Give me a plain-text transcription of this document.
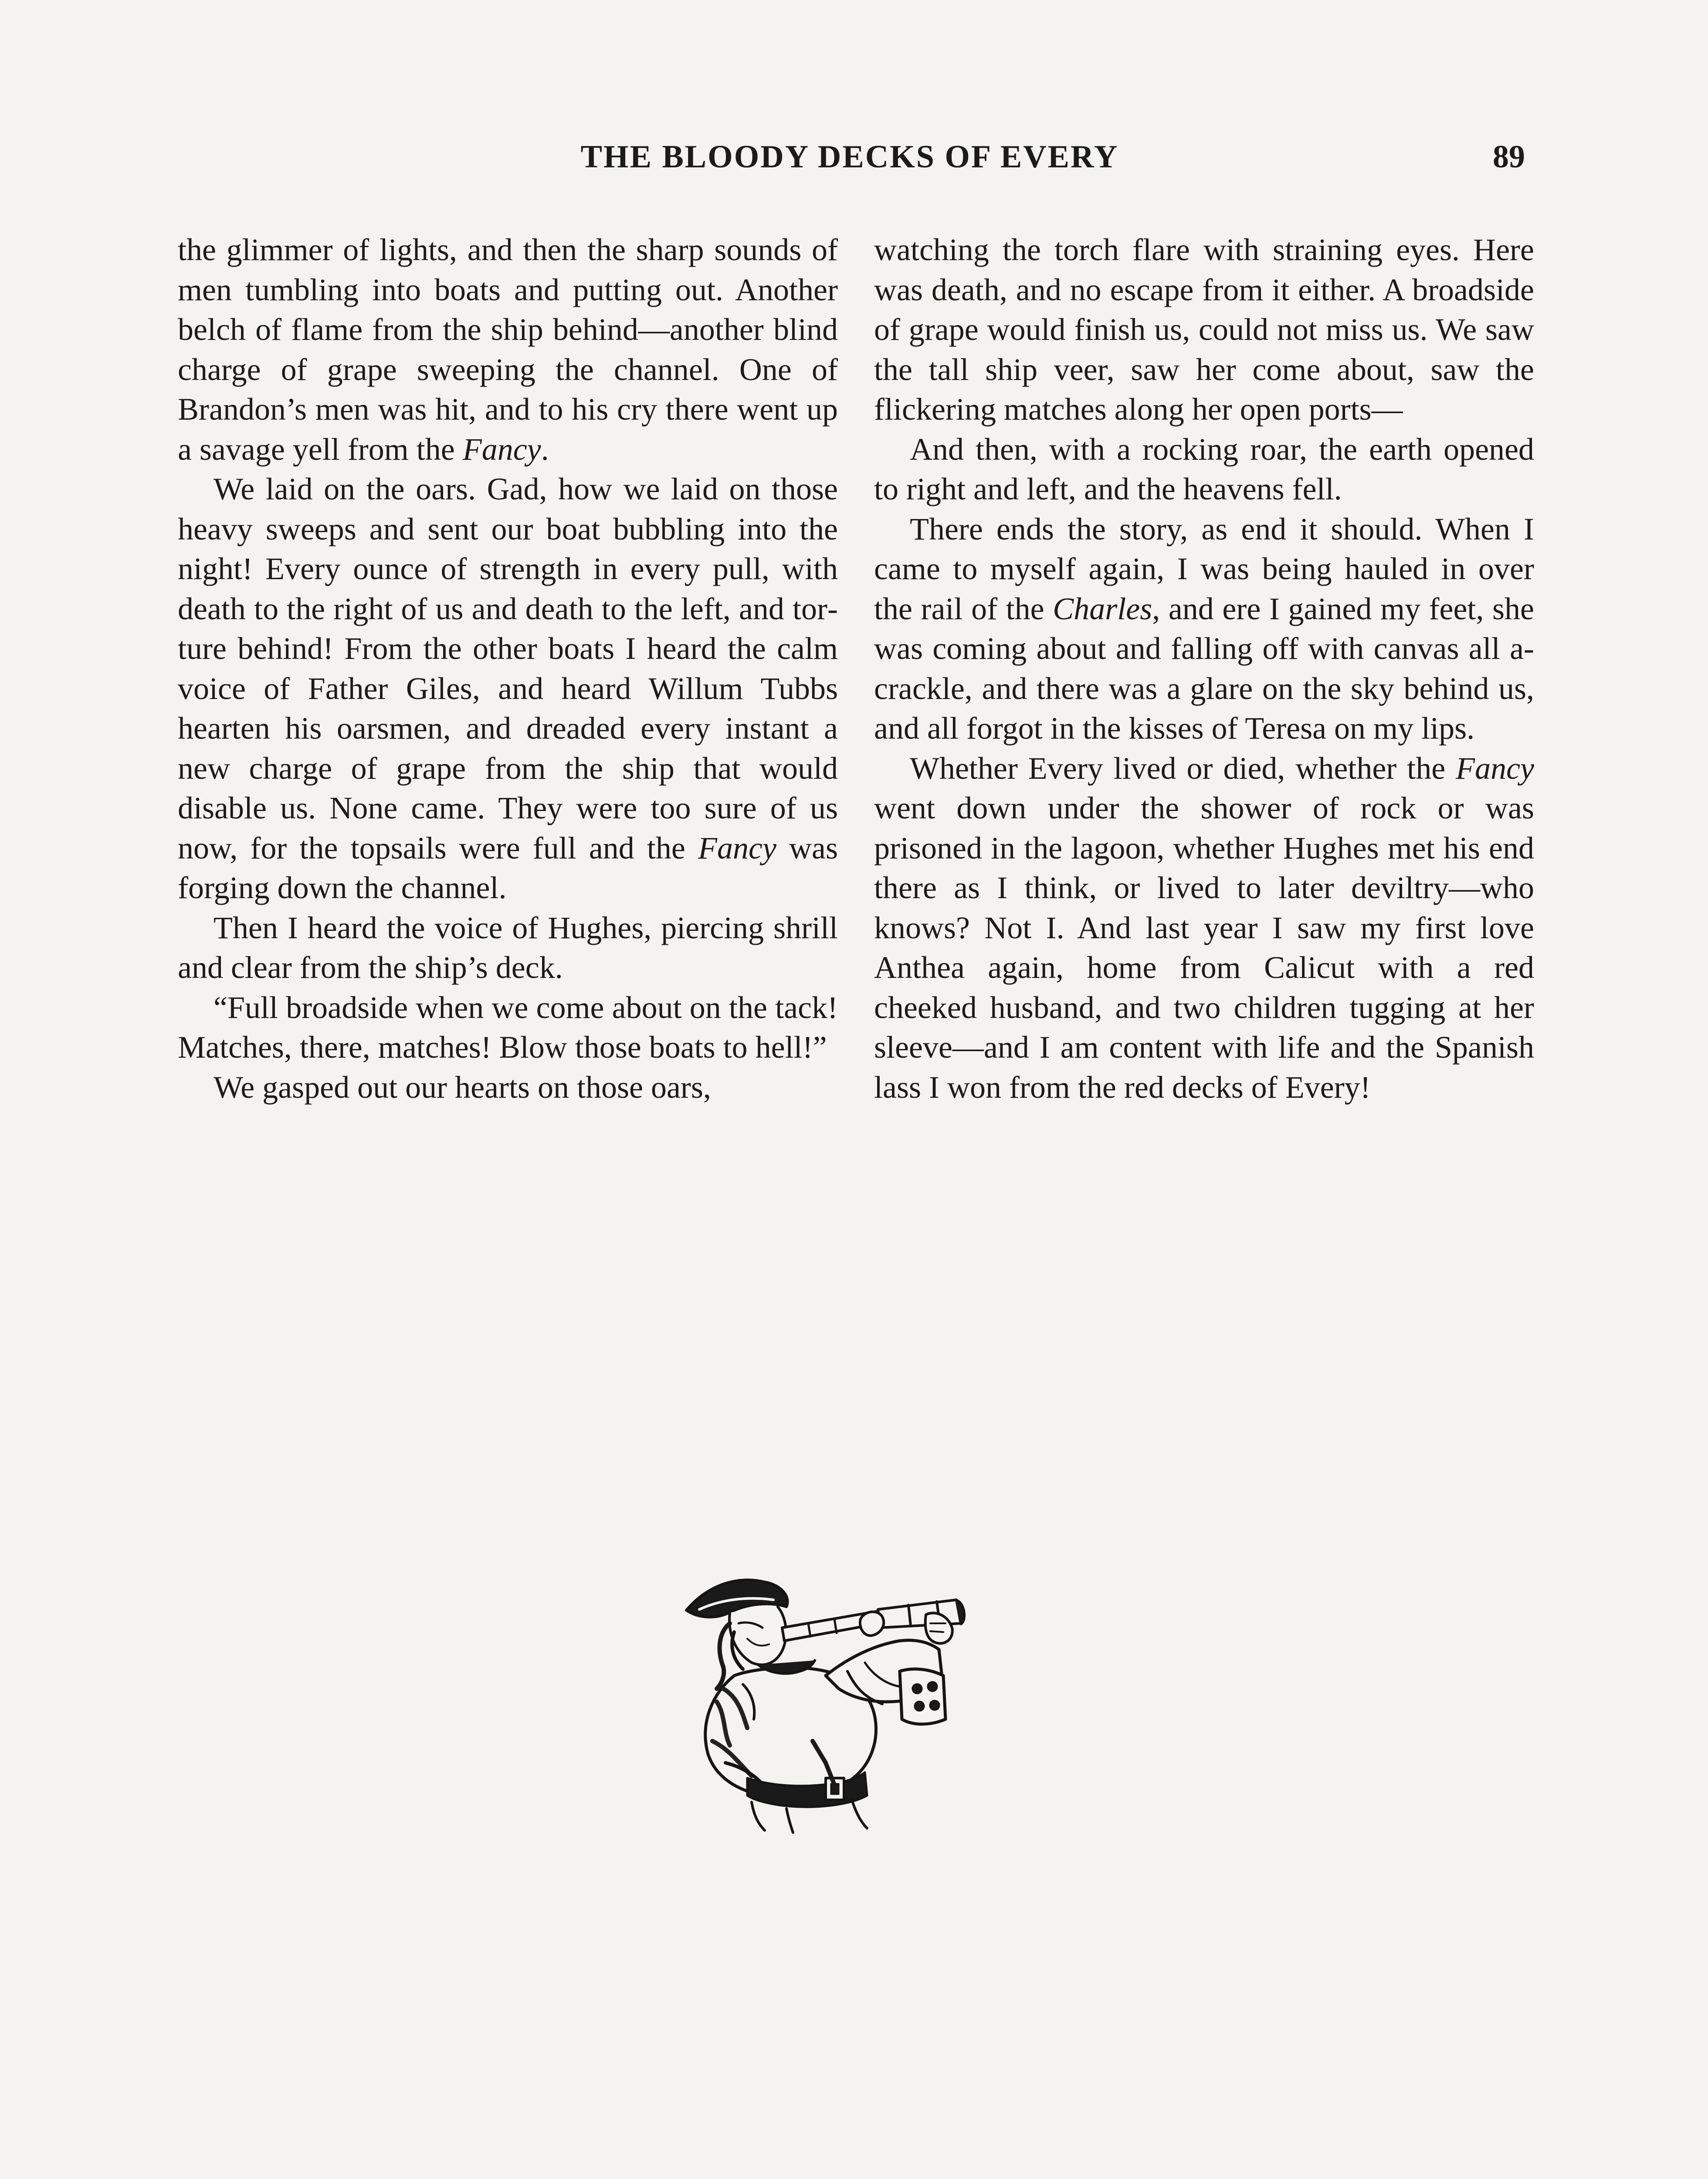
THE BLOODY DECKS OF EVERY	89

the glimmer of lights, and then the sharp sounds of men tumbling into boats and putting out. Another belch of flame from the ship behind—another blind charge of grape sweeping the channel. One of Brandon’s men was hit, and to his cry there went up a savage yell from the Fancy.

We laid on the oars. Gad, how we laid on those heavy sweeps and sent our boat bubbling into the night! Every ounce of strength in every pull, with death to the right of us and death to the left, and torture behind! From the other boats I heard the calm voice of Father Giles, and heard Willum Tubbs hearten his oarsmen, and dreaded every instant a new charge of grape from the ship that would disable us. None came. They were too sure of us now, for the topsails were full and the Fancy was forging down the channel.

Then I heard the voice of Hughes, piercing shrill and clear from the ship’s deck.

“Full broadside when we come about on the tack! Matches, there, matches! Blow those boats to hell!”

We gasped out our hearts on those oars,

watching the torch flare with straining eyes. Here was death, and no escape from it either. A broadside of grape would finish us, could not miss us. We saw the tall ship veer, saw her come about, saw the flickering matches along her open ports—

And then, with a rocking roar, the earth opened to right and left, and the heavens fell.

There ends the story, as end it should. When I came to myself again, I was being hauled in over the rail of the Charles, and ere I gained my feet, she was coming about and falling off with canvas all a-crackle, and there was a glare on the sky behind us, and all forgot in the kisses of Teresa on my lips.

Whether Every lived or died, whether the Fancy went down under the shower of rock or was prisoned in the lagoon, whether Hughes met his end there as I think, or lived to later deviltry—who knows? Not I. And last year I saw my first love Anthea again, home from Calicut with a red cheeked husband, and two children tugging at her sleeve—and I am content with life and the Spanish lass I won from the red decks of Every!
